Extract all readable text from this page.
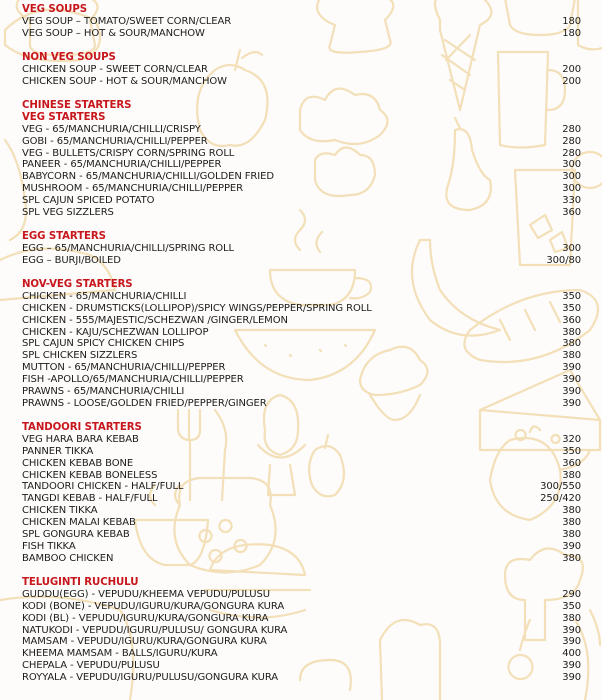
VEG SOUPS
VEG SOUP – TOMATO/SWEET CORN/CLEAR	180
VEG SOUP – HOT & SOUR/MANCHOW	180
NON VEG SOUPS
CHICKEN SOUP - SWEET CORN/CLEAR	200
CHICKEN SOUP - HOT & SOUR/MANCHOW	200
CHINESE STARTERS
VEG STARTERS
VEG - 65/MANCHURIA/CHILLI/CRISPY	280
GOBI - 65/MANCHURIA/CHILLI/PEPPER	280
VEG - BULLETS/CRISPY CORN/SPRING ROLL	280
PANEER - 65/MANCHURIA/CHILLI/PEPPER	300
BABYCORN - 65/MANCHURIA/CHILLI/GOLDEN FRIED	300
MUSHROOM - 65/MANCHURIA/CHILLI/PEPPER	300
SPL CAJUN SPICED POTATO	330
SPL VEG SIZZLERS	360
EGG STARTERS
EGG – 65/MANCHURIA/CHILLI/SPRING ROLL	300
EGG – BURJI/BOILED	300/80
NOV-VEG STARTERS
CHICKEN - 65/MANCHURIA/CHILLI	350
CHICKEN - DRUMSTICKS(LOLLIPOP)/SPICY WINGS/PEPPER/SPRING ROLL	350
CHICKEN - 555/MAJESTIC/SCHEZWAN /GINGER/LEMON	360
CHICKEN - KAJU/SCHEZWAN LOLLIPOP	380
SPL CAJUN SPICY CHICKEN CHIPS	380
SPL CHICKEN SIZZLERS	380
MUTTON - 65/MANCHURIA/CHILLI/PEPPER	390
FISH -APOLLO/65/MANCHURIA/CHILLI/PEPPER	390
PRAWNS - 65/MANCHURIA/CHILLI	390
PRAWNS - LOOSE/GOLDEN FRIED/PEPPER/GINGER	390
TANDOORI STARTERS
VEG HARA BARA KEBAB	320
PANNER TIKKA	350
CHICKEN KEBAB BONE	360
CHICKEN KEBAB BONELESS	380
TANDOORI CHICKEN - HALF/FULL	300/550
TANGDI KEBAB - HALF/FULL	250/420
CHICKEN TIKKA	380
CHICKEN MALAI KEBAB	380
SPL GONGURA KEBAB	380
FISH TIKKA	390
BAMBOO CHICKEN	380
TELUGINTI RUCHULU
GUDDU(EGG) - VEPUDU/KHEEMA VEPUDU/PULUSU	290
KODI (BONE) - VEPUDU/IGURU/KURA/GONGURA KURA	350
KODI (BL) - VEPUDU/IGURU/KURA/GONGURA KURA	380
NATUKODI - VEPUDU/IGURU/PULUSU/ GONGURA KURA	390
MAMSAM - VEPUDU/IGURU/KURA/GONGURA KURA	390
KHEEMA MAMSAM - BALLS/IGURU/KURA	400
CHEPALA - VEPUDU/PULUSU	390
ROYYALA - VEPUDU/IGURU/PULUSU/GONGURA KURA	390
